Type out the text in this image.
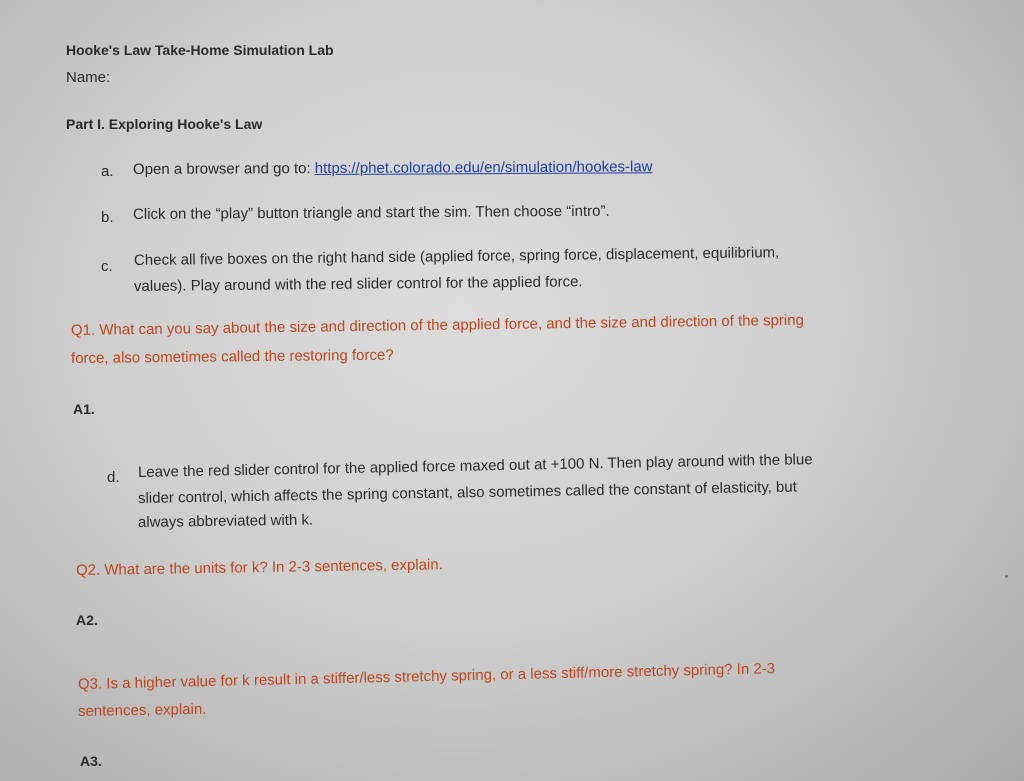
Hooke's Law Take-Home Simulation Lab
Name:
Part I. Exploring Hooke's Law
a. Open a browser and go to: https://phet.colorado.edu/en/simulation/hookes-law
b. Click on the “play” button triangle and start the sim. Then choose “intro”.
c. Check all five boxes on the right hand side (applied force, spring force, displacement, equilibrium,
values). Play around with the red slider control for the applied force.
Q1. What can you say about the size and direction of the applied force, and the size and direction of the spring
force, also sometimes called the restoring force?
A1.
d. Leave the red slider control for the applied force maxed out at +100 N. Then play around with the blue
slider control, which affects the spring constant, also sometimes called the constant of elasticity, but
always abbreviated with k.
Q2. What are the units for k? In 2-3 sentences, explain.
A2.
Q3. Is a higher value for k result in a stiffer/less stretchy spring, or a less stiff/more stretchy spring? In 2-3
sentences, explain.
A3.
